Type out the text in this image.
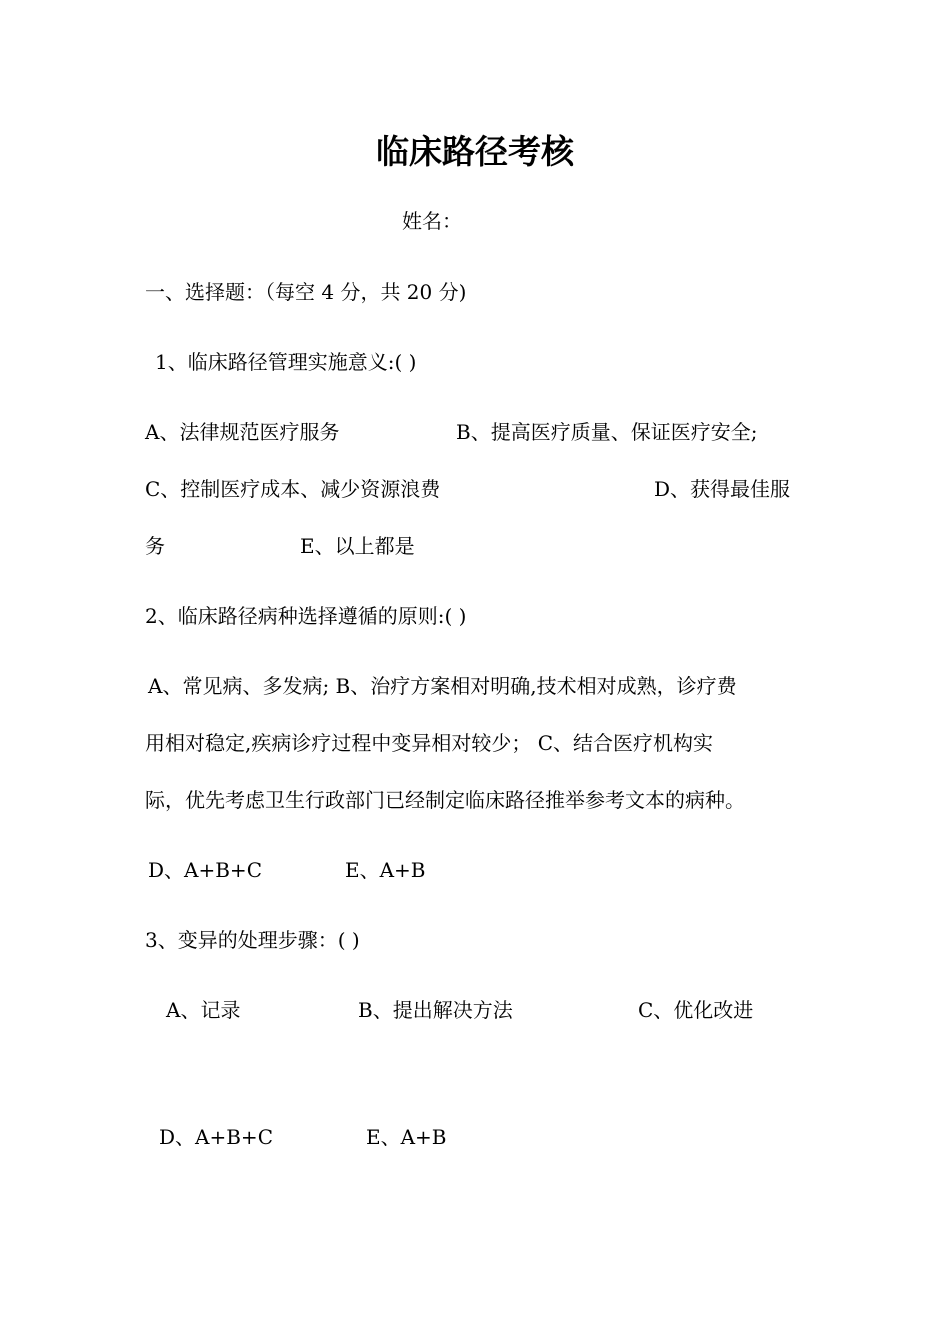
临床路径考核
姓名：
一、选择题：（每空 4 分，共 20 分)
1、临床路径管理实施意义:( )
A、法律规范医疗服务	B、提高医疗质量、保证医疗安全;
C、控制医疗成本、减少资源浪费	D、获得最佳服
务	E、以上都是
2、临床路径病种选择遵循的原则:( )
A、常见病、多发病; B、治疗方案相对明确,技术相对成熟，诊疗费
用相对稳定,疾病诊疗过程中变异相对较少； C、结合医疗机构实
际，优先考虑卫生行政部门已经制定临床路径推举参考文本的病种。
D、A+B+C	E、A+B
3、变异的处理步骤：( )
A、记录	B、提出解决方法	C、优化改进
D、A+B+C	E、A+B
